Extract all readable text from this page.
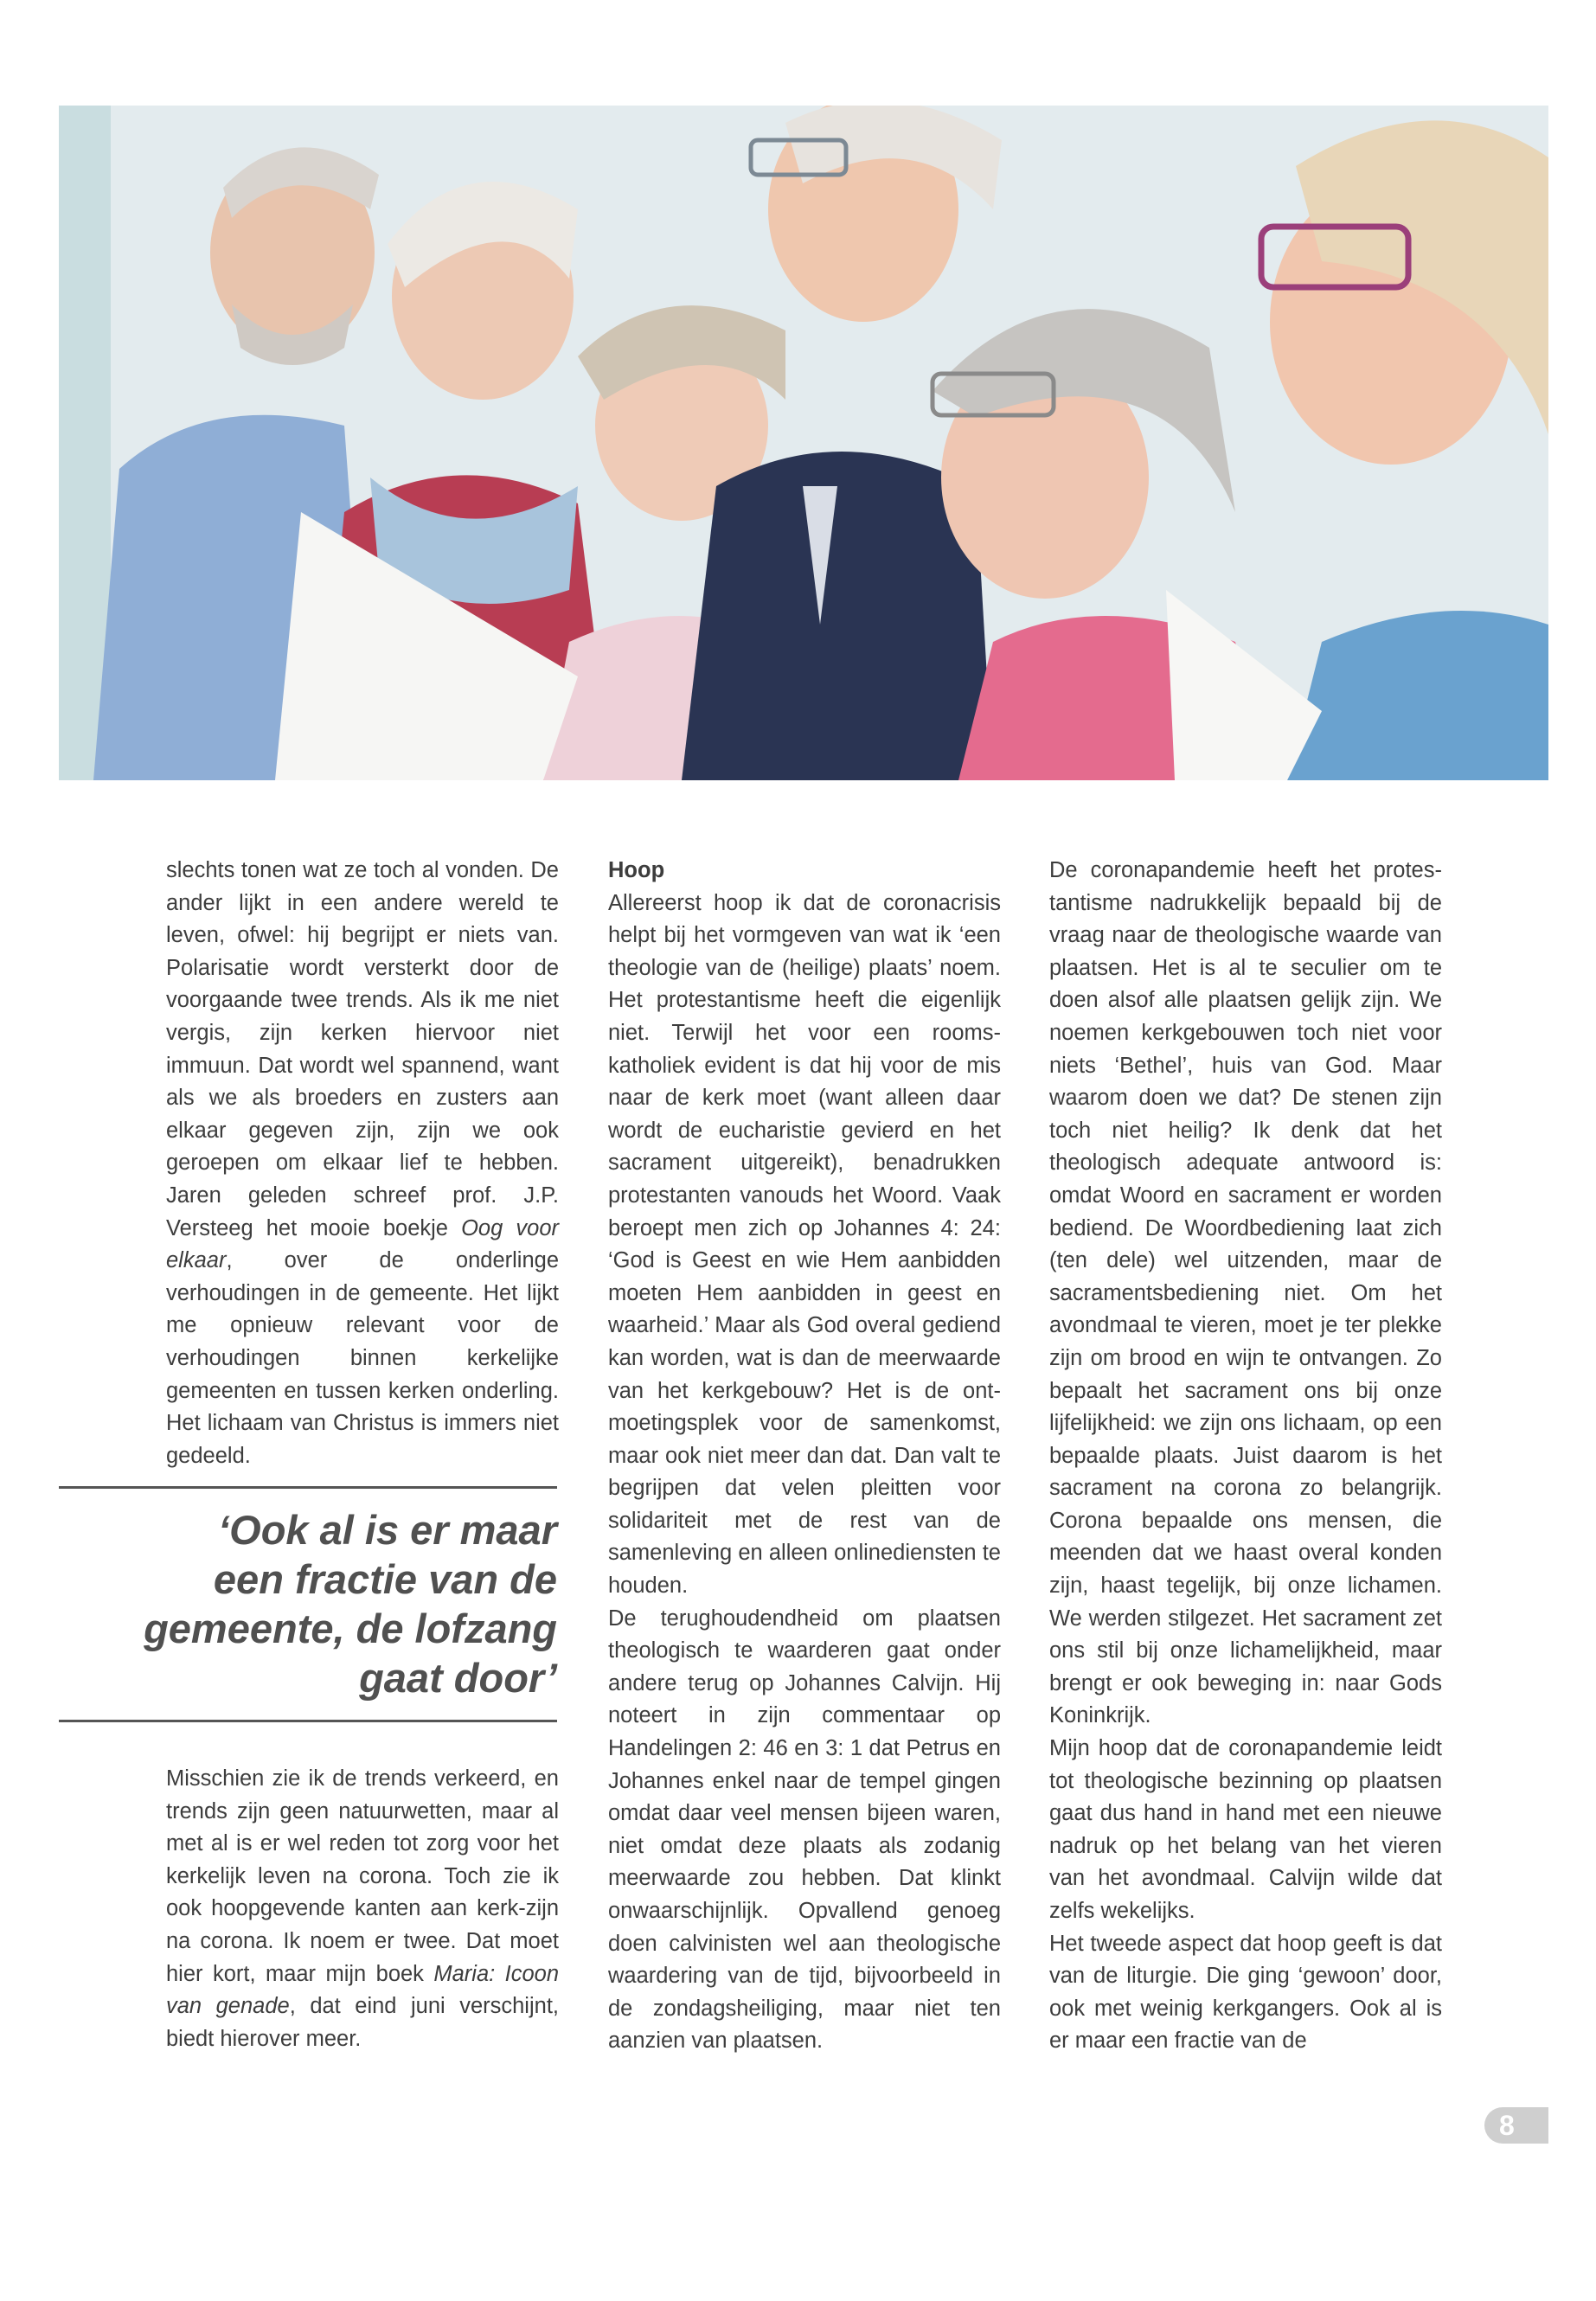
slechts tonen wat ze toch al vonden. De ander lijkt in een andere wereld te leven, ofwel: hij begrijpt er niets van. Polarisatie wordt versterkt door de voorgaande twee trends. Als ik me niet vergis, zijn kerken hiervoor niet immuun. Dat wordt wel spannend, want als we als broeders en zusters aan elkaar gegeven zijn, zijn we ook geroepen om elkaar lief te hebben. Jaren geleden schreef prof. J.P. Versteeg het mooie boekje Oog voor elkaar, over de onderlinge verhoudingen in de gemeente. Het lijkt me opnieuw relevant voor de verhoudingen binnen kerkelijke gemeenten en tussen kerken onderling. Het lichaam van Christus is immers niet gedeeld.

‘Ook al is er maar
een fractie van de
gemeente, de lofzang
gaat door’

Misschien zie ik de trends verkeerd, en trends zijn geen natuurwetten, maar al met al is er wel reden tot zorg voor het kerkelijk leven na corona. Toch zie ik ook hoopgevende kanten aan kerk-zijn na corona. Ik noem er twee. Dat moet hier kort, maar mijn boek Maria: Icoon van genade, dat eind juni verschijnt, biedt hierover meer.

Hoop

Allereerst hoop ik dat de coronacrisis helpt bij het vormgeven van wat ik ‘een theologie van de (heilige) plaats’ noem. Het protestantisme heeft die eigenlijk niet. Terwijl het voor een rooms-katholiek evident is dat hij voor de mis naar de kerk moet (want alleen daar wordt de eucharistie gevierd en het sacrament uitgereikt), benadrukken protestanten vanouds het Woord. Vaak beroept men zich op Johannes 4: 24: ‘God is Geest en wie Hem aanbidden moeten Hem aanbidden in geest en waarheid.’ Maar als God overal gediend kan worden, wat is dan de meerwaarde van het kerkgebouw? Het is de ontmoetingsplek voor de samenkomst, maar ook niet meer dan dat. Dan valt te begrijpen dat velen pleitten voor solidariteit met de rest van de samenleving en alleen onlinediensten te houden.

De terughoudendheid om plaatsen theologisch te waarderen gaat onder andere terug op Johannes Calvijn. Hij noteert in zijn commentaar op Handelingen 2: 46 en 3: 1 dat Petrus en Johannes enkel naar de tempel gingen omdat daar veel mensen bijeen waren, niet omdat deze plaats als zodanig meerwaarde zou hebben. Dat klinkt onwaarschijnlijk. Opvallend genoeg doen calvinisten wel aan theologische waardering van de tijd, bijvoorbeeld in de zondagsheiliging, maar niet ten aanzien van plaatsen.

De coronapandemie heeft het protestantisme nadrukkelijk bepaald bij de vraag naar de theologische waarde van plaatsen. Het is al te seculier om te doen alsof alle plaatsen gelijk zijn. We noemen kerkgebouwen toch niet voor niets ‘Bethel’, huis van God. Maar waarom doen we dat? De stenen zijn toch niet heilig? Ik denk dat het theologisch adequate antwoord is: omdat Woord en sacrament er worden bediend. De Woordbediening laat zich (ten dele) wel uitzenden, maar de sacramentsbediening niet. Om het avondmaal te vieren, moet je ter plekke zijn om brood en wijn te ontvangen. Zo bepaalt het sacrament ons bij onze lijfelijkheid: we zijn ons lichaam, op een bepaalde plaats. Juist daarom is het sacrament na corona zo belangrijk. Corona bepaalde ons mensen, die meenden dat we haast overal konden zijn, haast tegelijk, bij onze lichamen. We werden stilgezet. Het sacrament zet ons stil bij onze lichamelijkheid, maar brengt er ook beweging in: naar Gods Koninkrijk.

Mijn hoop dat de coronapandemie leidt tot theologische bezinning op plaatsen gaat dus hand in hand met een nieuwe nadruk op het belang van het vieren van het avondmaal. Calvijn wilde dat zelfs wekelijks.

Het tweede aspect dat hoop geeft is dat van de liturgie. Die ging ‘gewoon’ door, ook met weinig kerkgangers. Ook al is er maar een fractie van de

8
